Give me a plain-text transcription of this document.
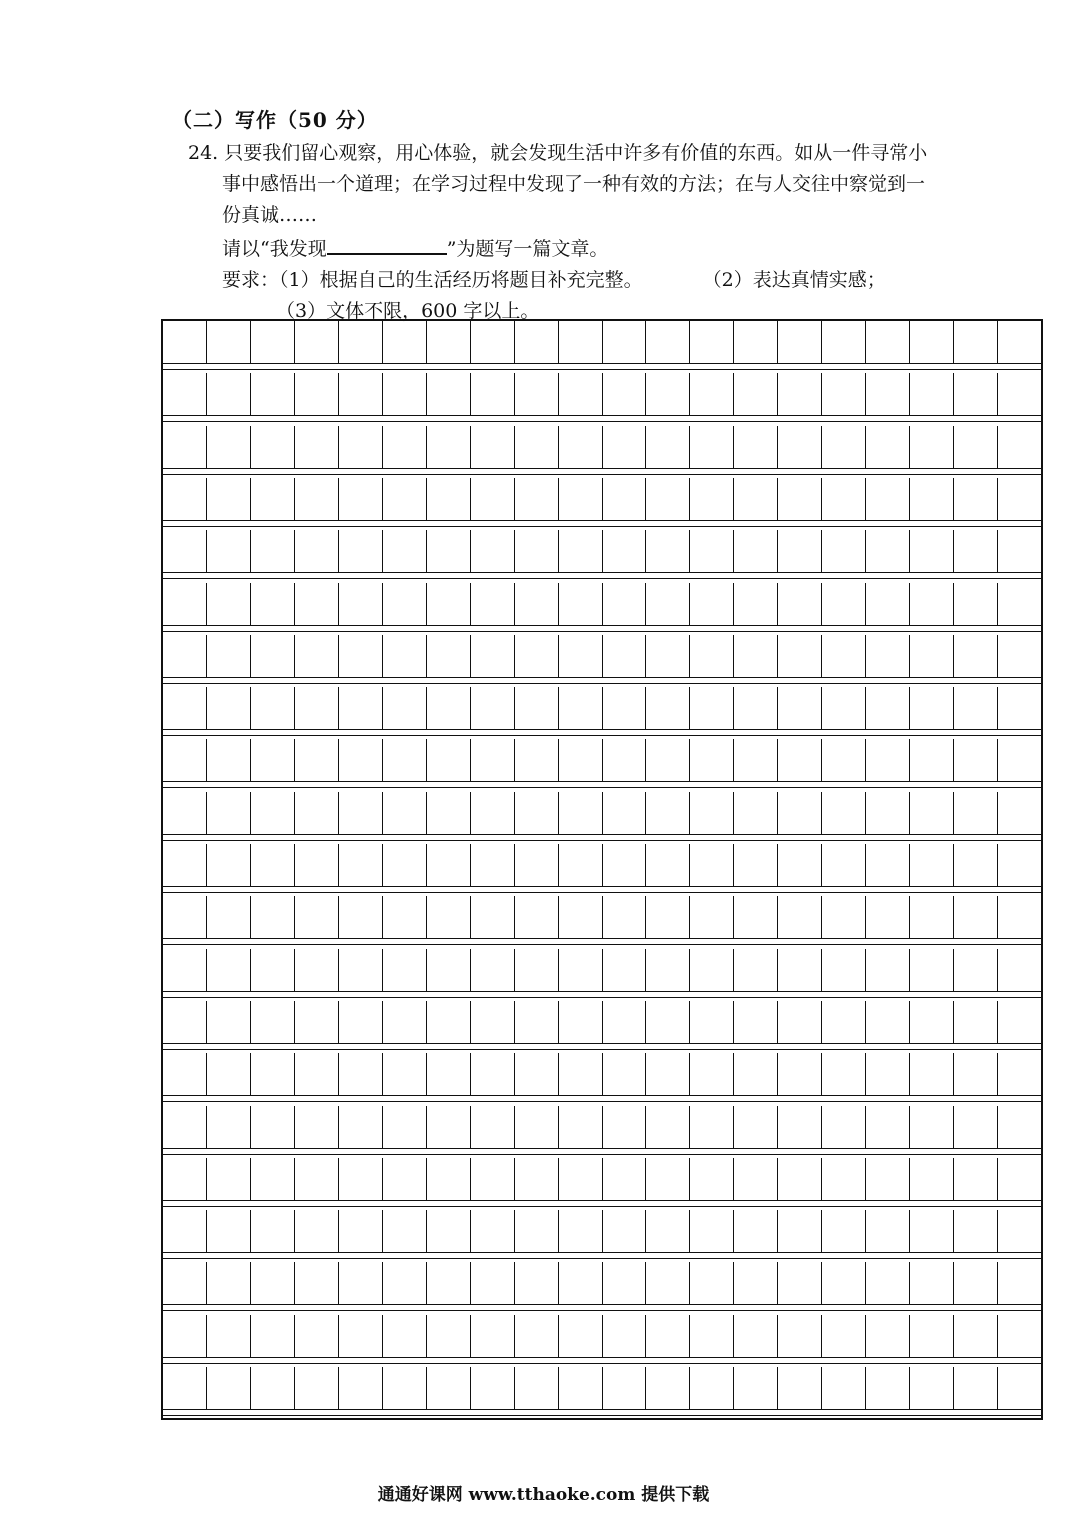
（二）写作（50 分）
24. 只要我们留心观察，用心体验，就会发现生活中许多有价值的东西。如从一件寻常小
事中感悟出一个道理；在学习过程中发现了一种有效的方法；在与人交往中察觉到一
份真诚……
请以“我发现	”为题写一篇文章。
要求：（1）根据自己的生活经历将题目补充完整。	（2）表达真情实感；
（3）文体不限，600 字以上。
通通好课网 www.tthaoke.com 提供下载
